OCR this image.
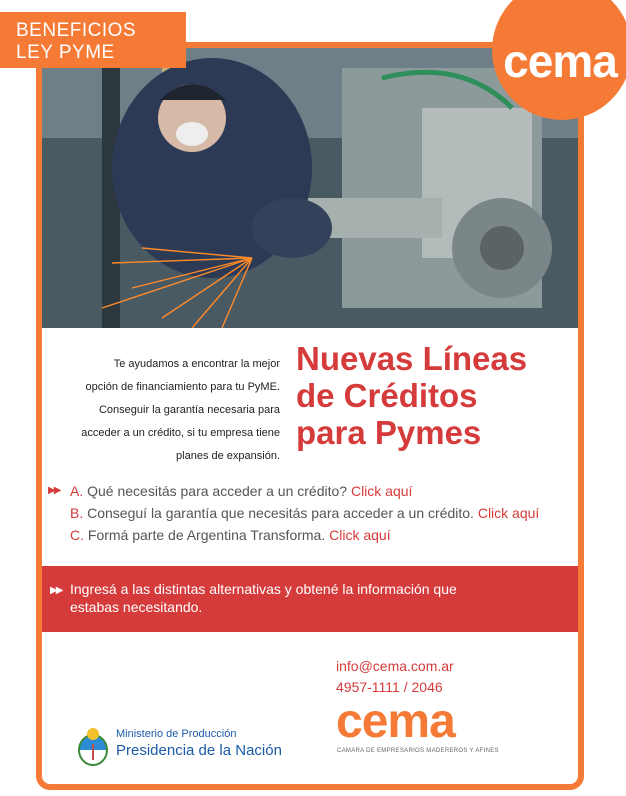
BENEFICIOS
LEY PYME	cema
Te ayudamos a encontrar la mejor
opción de financiamiento para tu PyME.
Conseguir la garantía necesaria para
acceder a un crédito, si tu empresa tiene
planes de expansión.
Nuevas Líneas
de Créditos
para Pymes
▶▶ A. Qué necesitás para acceder a un crédito? Click aquí
B. Conseguí la garantía que necesitás para acceder a un crédito. Click aquí
C. Formá parte de Argentina Transforma. Click aquí
▶▶ Ingresá a las distintas alternativas y obtené la información que
estabas necesitando.
info@cema.com.ar
4957-1111 / 2046
cema
CAMARA DE EMPRESARIOS MADEREROS Y AFINES
Ministerio de Producción
Presidencia de la Nación
